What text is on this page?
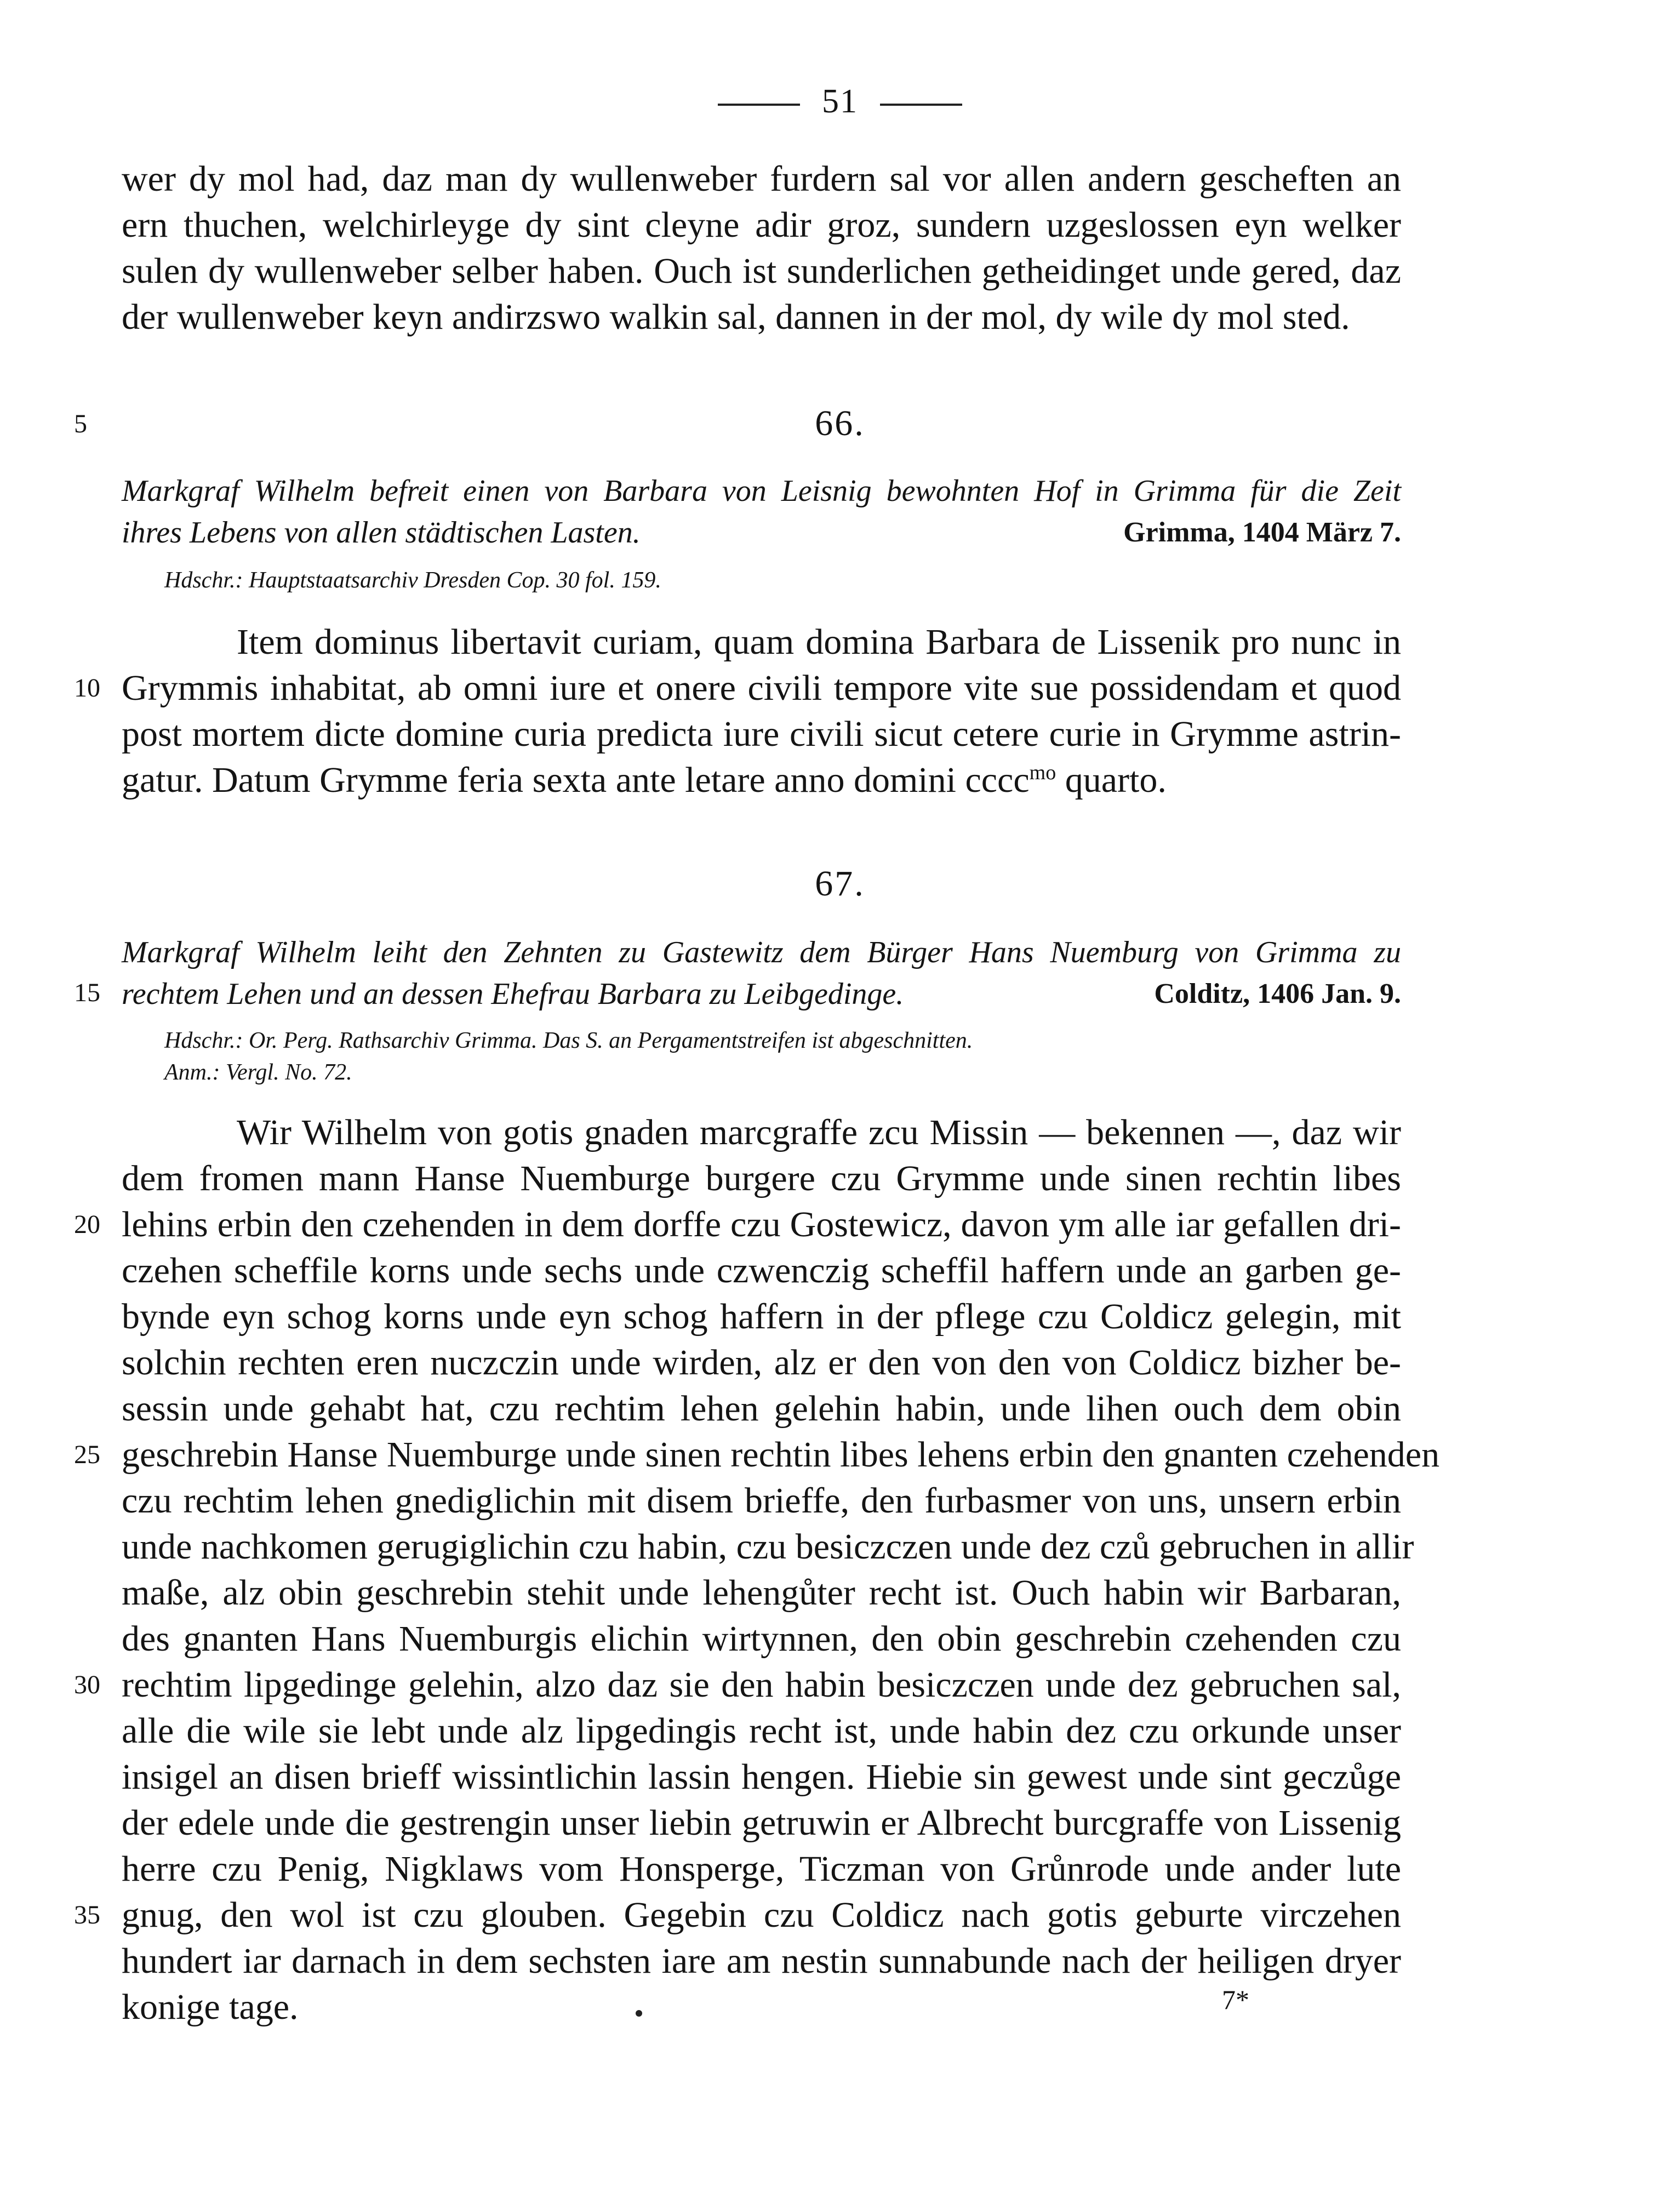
51
wer dy mol had, daz man dy wullenweber furdern sal vor allen andern gescheften an
ern thuchen, welchirleyge dy sint cleyne adir groz, sundern uzgeslossen eyn welker
sulen dy wullenweber selber haben. Ouch ist sunderlichen getheidinget unde gered, daz
der wullenweber keyn andirzswo walkin sal, dannen in der mol, dy wile dy mol sted.
5	66.
Markgraf Wilhelm befreit einen von Barbara von Leisnig bewohnten Hof in Grimma für die Zeit
ihres Lebens von allen städtischen Lasten.	Grimma, 1404 März 7.
Hdschr.: Hauptstaatsarchiv Dresden Cop. 30 fol. 159.
Item dominus libertavit curiam, quam domina Barbara de Lissenik pro nunc in
10 Grymmis inhabitat, ab omni iure et onere civili tempore vite sue possidendam et quod
post mortem dicte domine curia predicta iure civili sicut cetere curie in Grymme astrin-
gatur. Datum Grymme feria sexta ante letare anno domini cccc$^{mo}$ quarto.
67.
Markgraf Wilhelm leiht den Zehnten zu Gastewitz dem Bürger Hans Nuemburg von Grimma zu
15 rechtem Lehen und an dessen Ehefrau Barbara zu Leibgedinge.	Colditz, 1406 Jan. 9.
Hdschr.: Or. Perg. Rathsarchiv Grimma. Das S. an Pergamentstreifen ist abgeschnitten.
Anm.: Vergl. No. 72.
7*
Wir Wilhelm von gotis gnaden marcgraffe zcu Missin — bekennen —, daz wir
dem fromen mann Hanse Nuemburge burgere czu Grymme unde sinen rechtin libes
lehins erbin den czehenden in dem dorffe czu Gostewicz, davon ym alle iar gefallen dri-
20
czehen scheffile korns unde sechs unde czwenczig scheffil haffern unde an garben ge-
bynde eyn schog korns unde eyn schog haffern in der pflege czu Coldicz gelegin, mit
solchin rechten eren nuczczin unde wirden, alz er den von den von Coldicz bizher be-
sessin unde gehabt hat, czu rechtim lehen gelehin habin, unde lihen ouch dem obin
geschrebin Hanse Nuemburge unde sinen rechtin libes lehens erbin den gnanten czehenden
25
czu rechtim lehen gnediglichin mit disem brieffe, den furbasmer von uns, unsern erbin
unde nachkomen gerugiglichin czu habin, czu besiczczen unde dez czů gebruchen in allir
maße, alz obin geschrebin stehit unde lehengůter recht ist. Ouch habin wir Barbaran,
des gnanten Hans Nuemburgis elichin wirtynnen, den obin geschrebin czehenden czu
rechtim lipgedinge gelehin, alzo daz sie den habin besiczczen unde dez gebruchen sal,
30
alle die wile sie lebt unde alz lipgedingis recht ist, unde habin dez czu orkunde unser
insigel an disen brieff wissintlichin lassin hengen. Hiebie sin gewest unde sint geczůge
der edele unde die gestrengin unser liebin getruwin er Albrecht burcgraffe von Lissenig
herre czu Penig, Nigklaws vom Honsperge, Ticzman von Grůnrode unde ander lute
gnug, den wol ist czu glouben. Gegebin czu Coldicz nach gotis geburte virczehen
35
hundert iar darnach in dem sechsten iare am nestin sunnabunde nach der heiligen dryer
konige tage.
